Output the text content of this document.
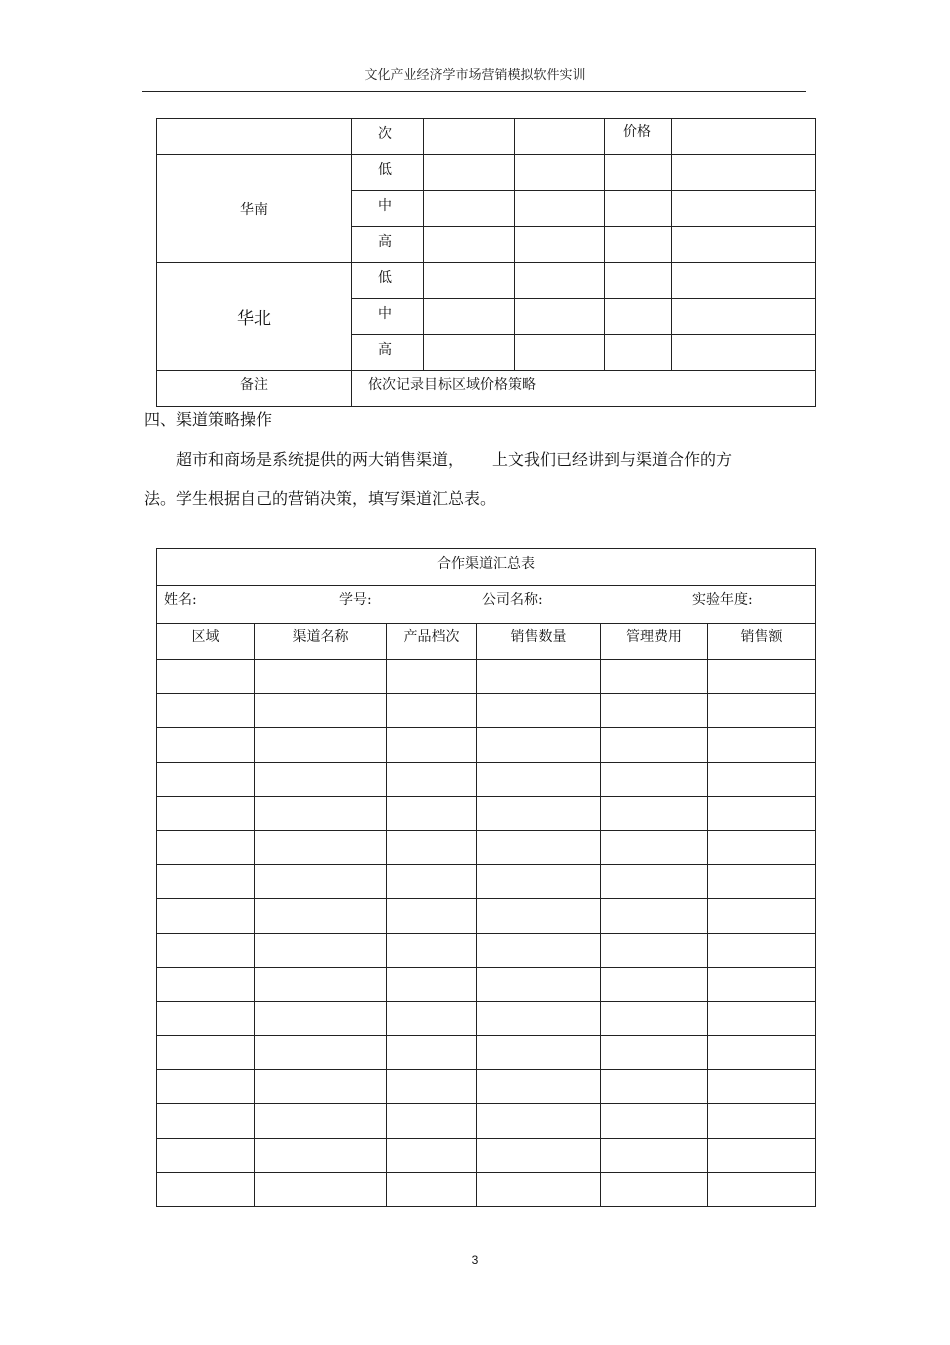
文化产业经济学市场营销模拟软件实训
	次			价格	
华南	低				
	中				
	高				
华北	低				
	中				
	高				
备注	依次记录目标区域价格策略				
四、渠道策略操作
超市和商场是系统提供的两大销售渠道， 上文我们已经讲到与渠道合作的方
法。学生根据自己的营销决策，填写渠道汇总表。
合作渠道汇总表					

姓名: 学号: 公司名称: 实验年度:					

区域	渠道名称	产品档次	销售数量	管理费用	销售额

3
